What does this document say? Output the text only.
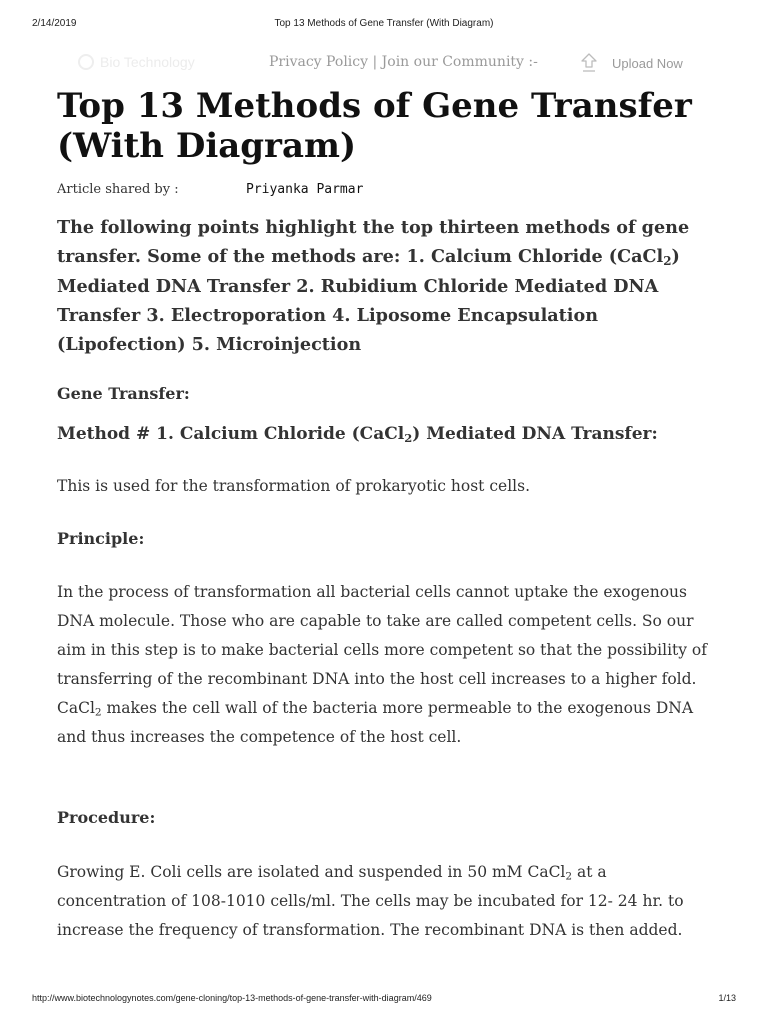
2/14/2019	Top 13 Methods of Gene Transfer (With Diagram)
Bio Technology	Privacy Policy | Join our Community :-	Upload Now
Top 13 Methods of Gene Transfer
(With Diagram)
Article shared by :	Priyanka Parmar

The following points highlight the top thirteen methods of gene transfer. Some of the methods are: 1. Calcium Chloride (CaCl$_2$) Mediated DNA Transfer 2. Rubidium Chloride Mediated DNA Transfer 3. Electroporation 4. Liposome Encapsulation (Lipofection) 5. Microinjection

Gene Transfer:
Method # 1. Calcium Chloride (CaCl$_2$) Mediated DNA Transfer:

This is used for the transformation of prokaryotic host cells.

Principle:

In the process of transformation all bacterial cells cannot uptake the exogenous DNA molecule. Those who are capable to take are called competent cells. So our aim in this step is to make bacterial cells more competent so that the possibility of transferring of the recombinant DNA into the host cell increases to a higher fold. CaCl$_2$ makes the cell wall of the bacteria more permeable to the exogenous DNA and thus increases the competence of the host cell.

Procedure:

Growing E. Coli cells are isolated and suspended in 50 mM CaCl$_2$ at a concentration of 108-1010 cells/ml. The cells may be incubated for 12- 24 hr. to increase the frequency of transformation. The recombinant DNA is then added.

http://www.biotechnologynotes.com/gene-cloning/top-13-methods-of-gene-transfer-with-diagram/469	1/13
